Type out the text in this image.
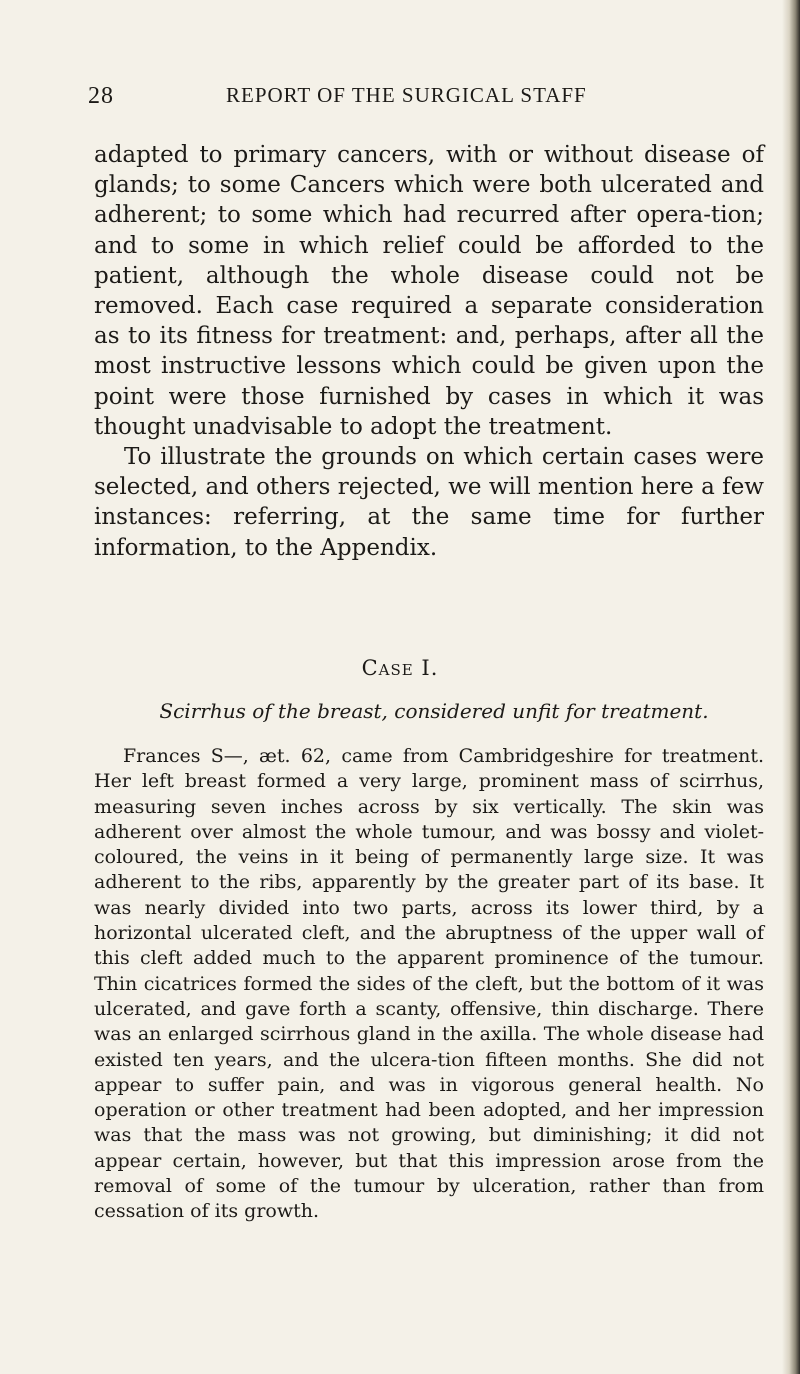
28	REPORT OF THE SURGICAL STAFF

adapted to primary cancers, with or without disease of glands; to some Cancers which were both ulcerated and adherent; to some which had recurred after opera-tion; and to some in which relief could be afforded to the patient, although the whole disease could not be removed. Each case required a separate consideration as to its fitness for treatment: and, perhaps, after all the most instructive lessons which could be given upon the point were those furnished by cases in which it was thought unadvisable to adopt the treatment.

To illustrate the grounds on which certain cases were selected, and others rejected, we will mention here a few instances: referring, at the same time for further information, to the Appendix.

Case I.
Scirrhus of the breast, considered unfit for treatment.

Frances S—, æt. 62, came from Cambridgeshire for treatment. Her left breast formed a very large, prominent mass of scirrhus, measuring seven inches across by six vertically. The skin was adherent over almost the whole tumour, and was bossy and violet-coloured, the veins in it being of permanently large size. It was adherent to the ribs, apparently by the greater part of its base. It was nearly divided into two parts, across its lower third, by a horizontal ulcerated cleft, and the abruptness of the upper wall of this cleft added much to the apparent prominence of the tumour. Thin cicatrices formed the sides of the cleft, but the bottom of it was ulcerated, and gave forth a scanty, offensive, thin discharge. There was an enlarged scirrhous gland in the axilla. The whole disease had existed ten years, and the ulcera-tion fifteen months. She did not appear to suffer pain, and was in vigorous general health. No operation or other treatment had been adopted, and her impression was that the mass was not growing, but diminishing; it did not appear certain, however, but that this impression arose from the removal of some of the tumour by ulceration, rather than from cessation of its growth.
